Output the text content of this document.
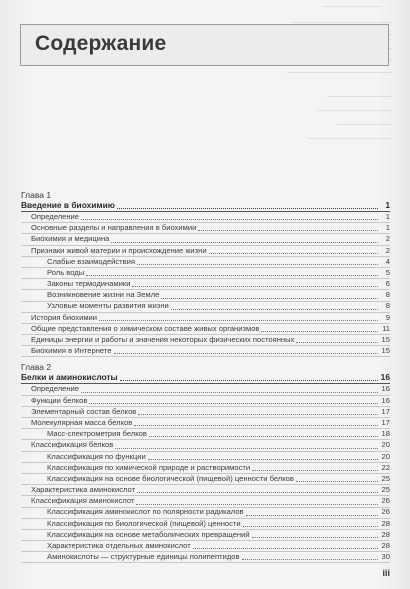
Содержание
Глава 1
Введение в биохимию	1
Определение	1
Основные разделы и направления в биохимии	1
Биохимия и медицина	2
Признаки живой материи и происхождение жизни	2
Слабые взаимодействия	4
Роль воды	5
Законы термодинамики	6
Возникновение жизни на Земле	8
Узловые моменты развития жизни	8
История биохимии	9
Общие представления о химическом составе живых организмов	11
Единицы энергии и работы и значения некоторых физических постоянных	15
Биохимия в Интернете	15
Глава 2
Белки и аминокислоты	16
Определение	16
Функции белков	16
Элементарный состав белков	17
Молекулярная масса белков	17
Масс-спектрометрия белков	18
Классификация белков	20
Классификация по функции	20
Классификация по химической природе и растворимости	22
Классификация на основе биологической (пищевой) ценности белков	25
Характеристика аминокислот	25
Классификация аминокислот	26
Классификация аминокислот по полярности радикалов	26
Классификация по биологической (пищевой) ценности	28
Классификация на основе метаболических превращений	28
Характеристика отдельных аминокислот	28
Аминокислоты — структурные единицы полипептидов	30
iii
